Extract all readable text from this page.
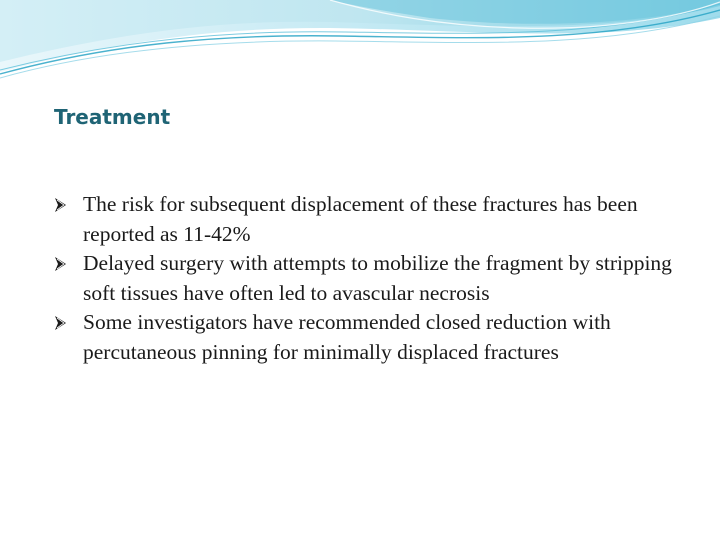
Treatment
The risk for subsequent displacement of these fractures has been reported as 11-42%
Delayed surgery with attempts to mobilize the fragment by stripping soft tissues have often led to avascular necrosis
Some investigators have recommended closed reduction with percutaneous pinning for minimally displaced fractures
